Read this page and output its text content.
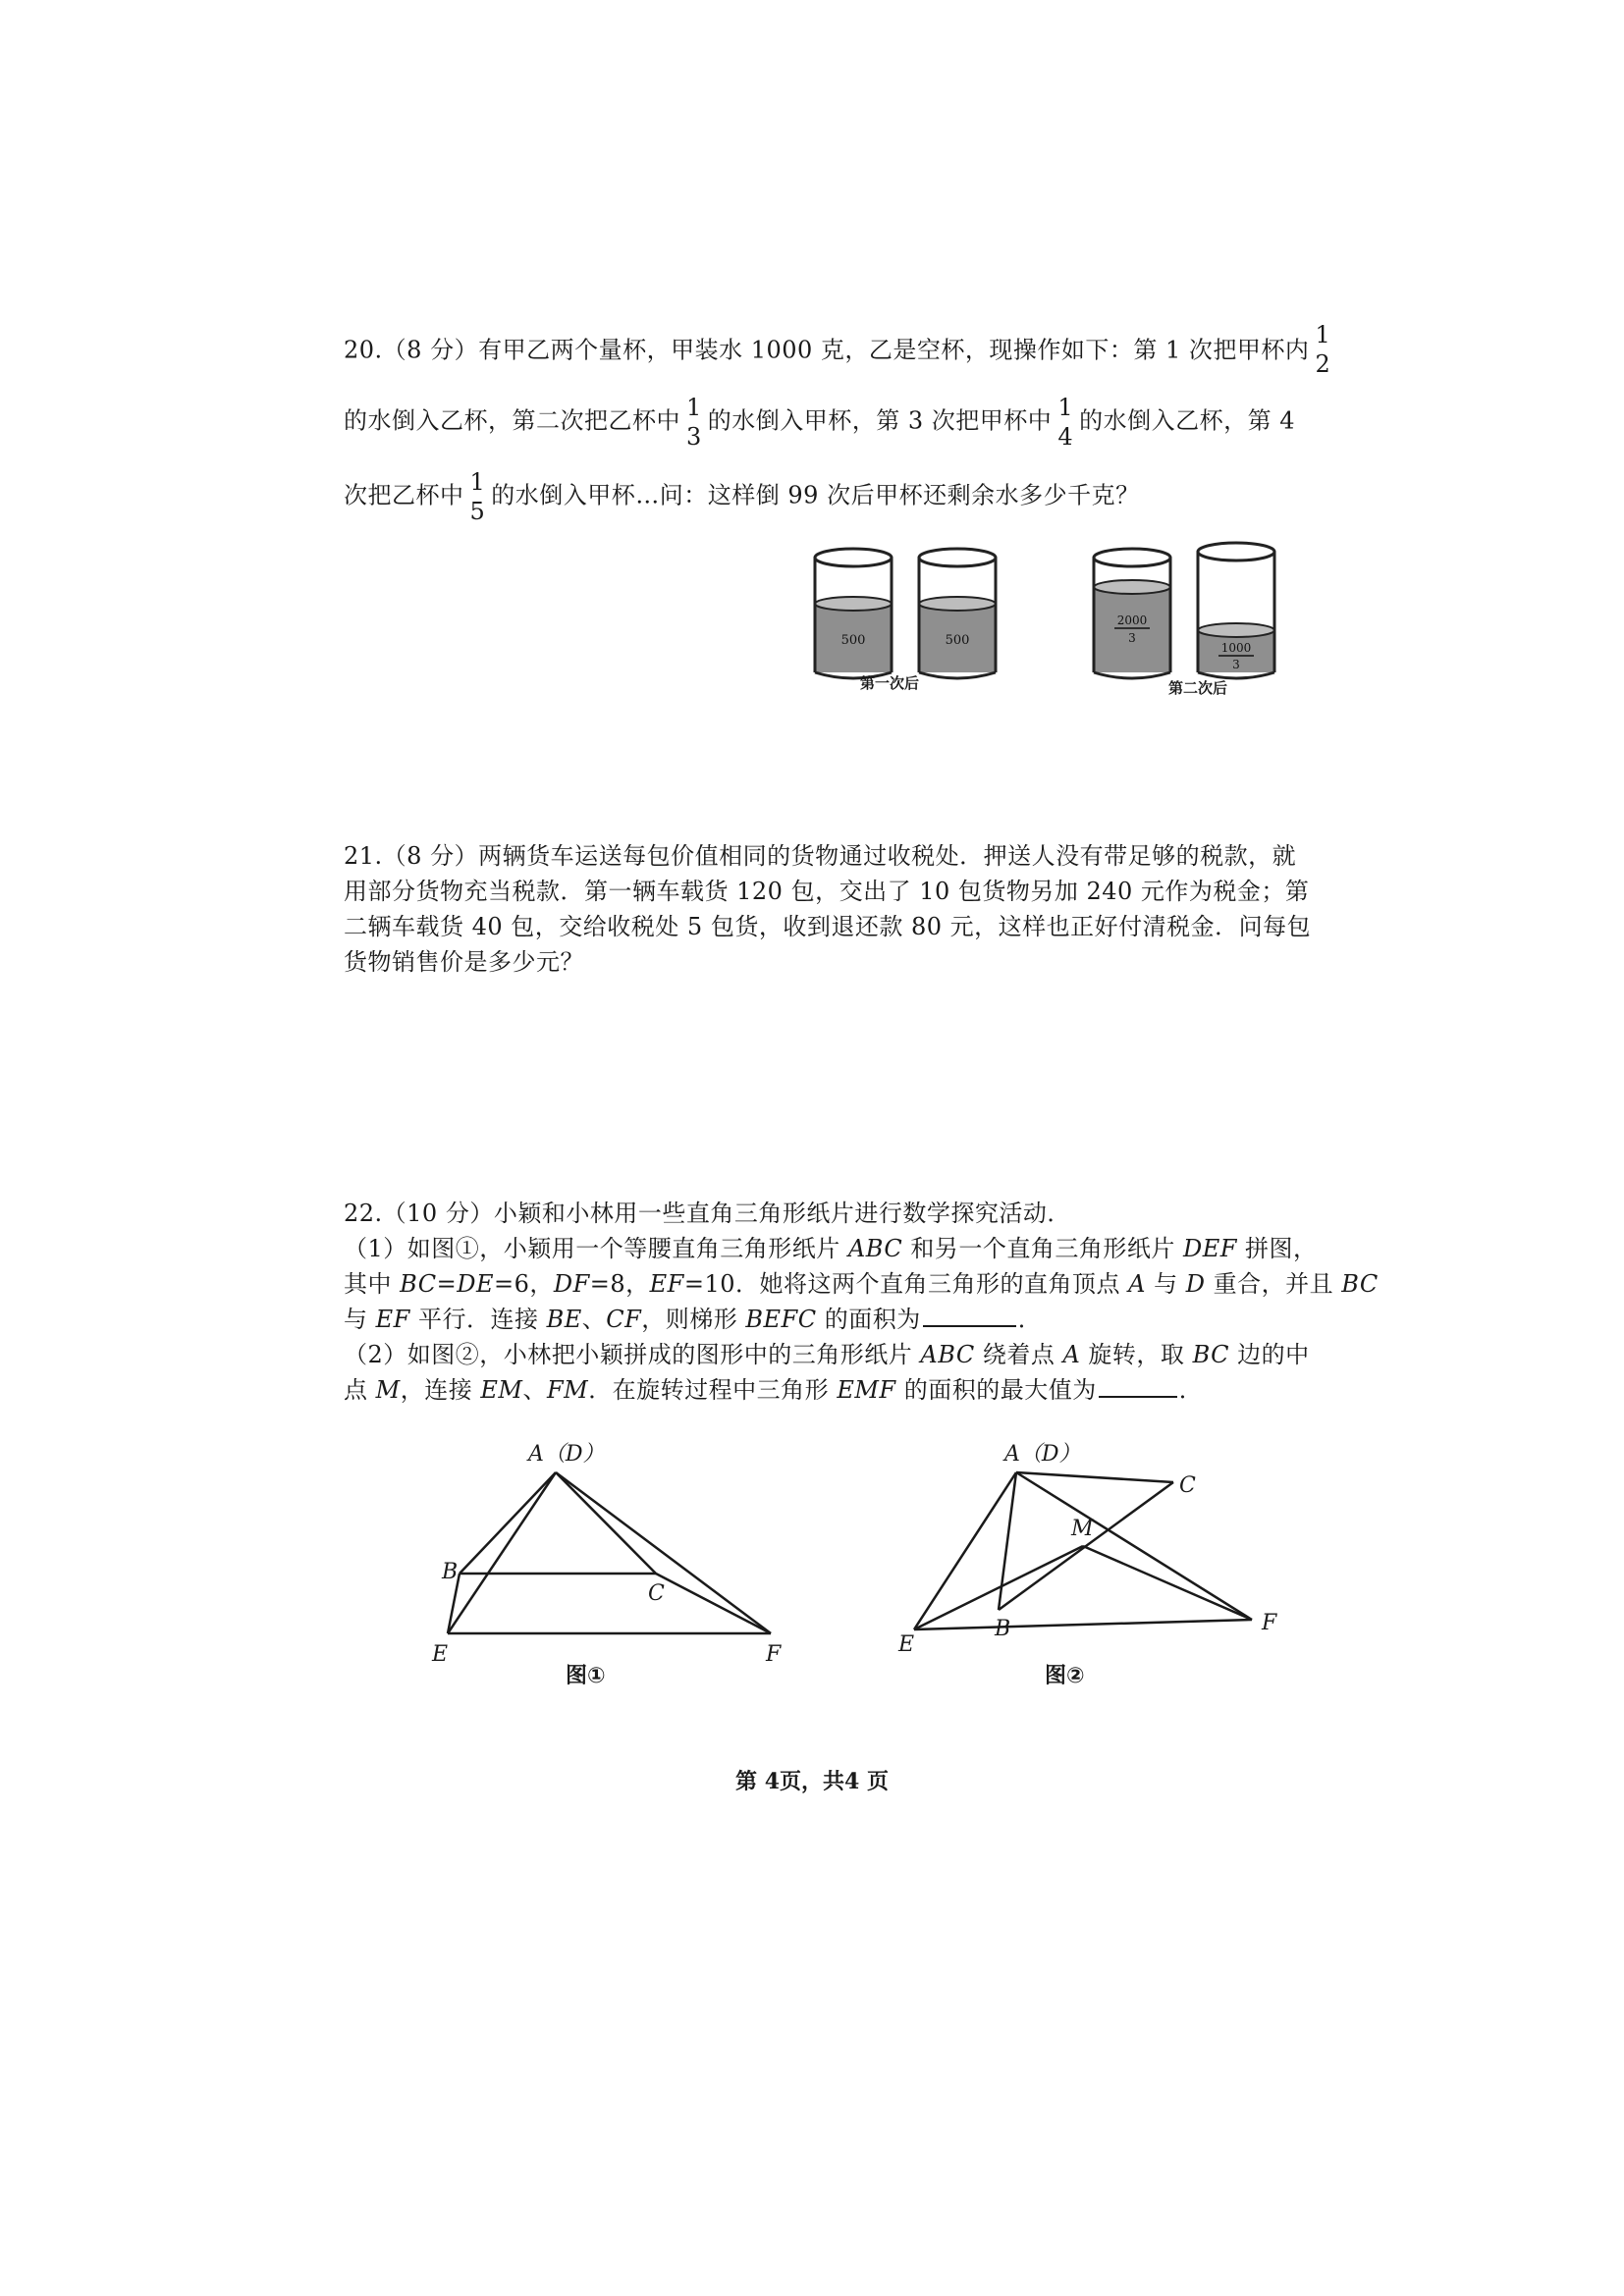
20.（8 分）有甲乙两个量杯，甲装水 1000 克，乙是空杯，现操作如下：第 1 次把甲杯内
1
2
的水倒入乙杯，第二次把乙杯中 1
3
的水倒入甲杯，第 3 次把甲杯中 1
4
的水倒入乙杯，第 4
次把乙杯中 1
5
的水倒入甲杯…问：这样倒 99 次后甲杯还剩余水多少千克？
500	500
2000
3
1000
3
第一次后	第二次后
21.（8 分）两辆货车运送每包价值相同的货物通过收税处．押送人没有带足够的税款，就
用部分货物充当税款．第一辆车载货 120 包，交出了 10 包货物另加 240 元作为税金；第
二辆车载货 40 包，交给收税处 5 包货，收到退还款 80 元，这样也正好付清税金．问每包
货物销售价是多少元？
22.（10 分）小颖和小林用一些直角三角形纸片进行数学探究活动．
（1）如图①，小颖用一个等腰直角三角形纸片 ABC 和另一个直角三角形纸片 DEF 拼图，
其中 BC=DE=6，DF=8，EF=10．她将这两个直角三角形的直角顶点 A 与 D 重合，并且 BC
与 EF 平行．连接 BE、CF，则梯形 BEFC 的面积为	．
（2）如图②，小林把小颖拼成的图形中的三角形纸片 ABC 绕着点 A 旋转，取 BC 边的中
点 M，连接 EM、FM．在旋转过程中三角形 EMF 的面积的最大值为	．
A（D）
B
C
E	F
图①
A（D）
C
M
B
E
F
图②
第 4页，共4 页
